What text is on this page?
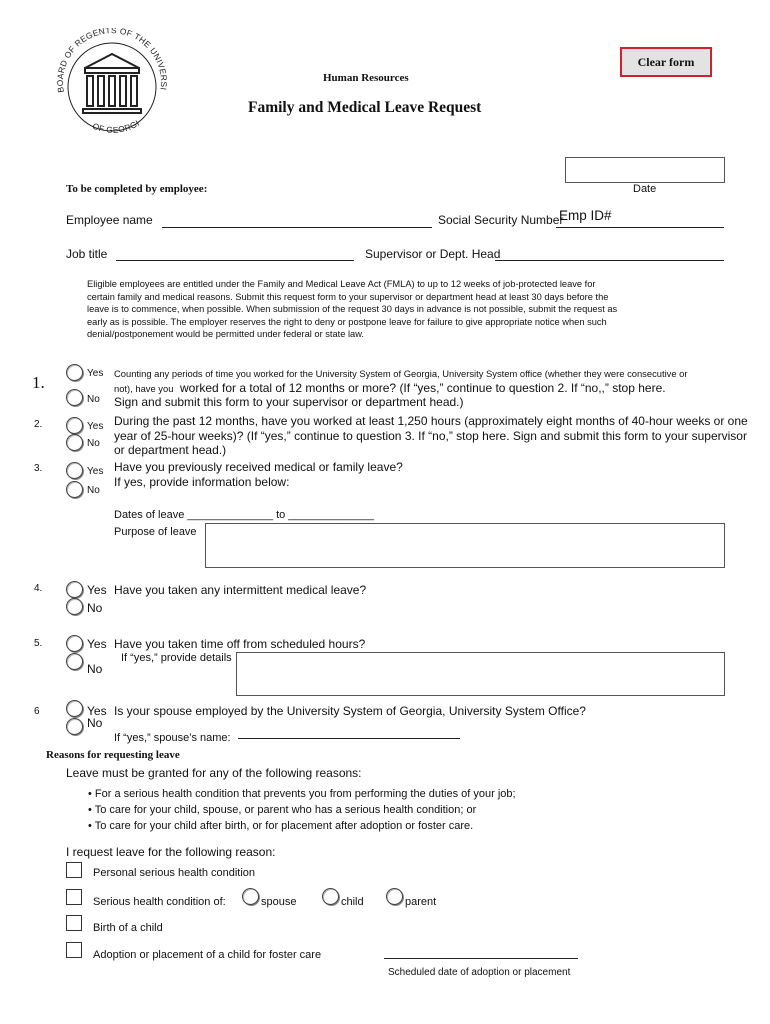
BOARD OF REGENTS OF THE UNIVERSI
OF GEORGI
Clear form
Human Resources
Family and Medical Leave Request
Date
To be completed by employee:
Employee name	Social Security Number
Emp ID#
Job title	Supervisor or Dept. Head
Eligible employees are entitled under the Family and Medical Leave Act (FMLA) to up to 12 weeks of job-protected leave for
certain family and medical reasons. Submit this request form to your supervisor or department head at least 30 days before the
leave is to commence, when possible. When submission of the request 30 days in advance is not possible, submit the request as
early as is possible. The employer reserves the right to deny or postpone leave for failure to give appropriate notice when such
denial/postponement would be permitted under federal or state law.
1.	Yes
No
Counting any periods of time you worked for the University System of Georgia, University System office (whether they were consecutive or
not), have you worked for a total of 12 months or more? (If “yes,” continue to question 2. If “no,,” stop here.
Sign and submit this form to your supervisor or department head.)
2.	Yes
No
During the past 12 months, have you worked at least 1,250 hours (approximately eight months of 40-hour weeks or one
year of 25-hour weeks)? (If “yes,” continue to question 3. If “no,” stop here. Sign and submit this form to your supervisor
or department head.)
3.	Yes
No
Have you previously received medical or family leave?
If yes, provide information below:
Dates of leave ______________ to ______________
Purpose of leave
4.	Yes
No
Have you taken any intermittent medical leave?
5.	Yes
No
Have you taken time off from scheduled hours?
If “yes,” provide details
6	Yes
No
Is your spouse employed by the University System of Georgia, University System Office?
If “yes,” spouse’s name:
Reasons for requesting leave
Leave must be granted for any of the following reasons:
• For a serious health condition that prevents you from performing the duties of your job;
• To care for your child, spouse, or parent who has a serious health condition; or
• To care for your child after birth, or for placement after adoption or foster care.
I request leave for the following reason:
Personal serious health condition
Serious health condition of:	spouse	child	parent
Birth of a child
Adoption or placement of a child for foster care
Scheduled date of adoption or placement
